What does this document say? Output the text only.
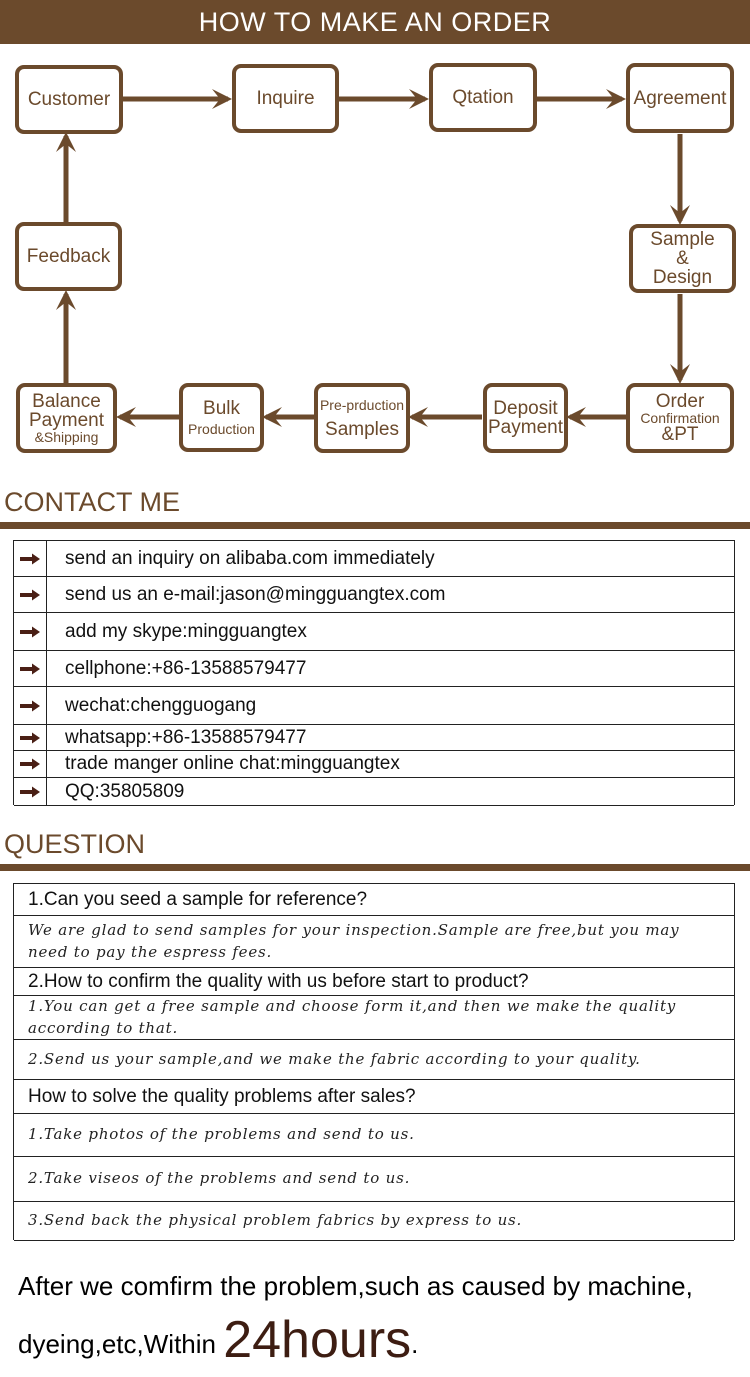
HOW TO MAKE AN ORDER
Customer	Inquire	Qtation	Agreement
Sample
&
Design
Order
Confirmation
&PT
Deposit
Payment
Pre-prduction
Samples
Bulk
Production
Balance
Payment
&Shipping
Feedback
CONTACT ME
send an inquiry on alibaba.com immediately
send us an e-mail:jason@mingguangtex.com
add my skype:mingguangtex
cellphone:+86-13588579477
wechat:chengguogang
whatsapp:+86-13588579477
trade manger online chat:mingguangtex
QQ:35805809
QUESTION
1.Can you seed a sample for reference?
We are glad to send samples for your inspection.Sample are free,but you may need to pay the espress fees.
2.How to confirm the quality with us before start to product?
1.You can get a free sample and choose form it,and then we make the quality according to that.
2.Send us your sample,and we make the fabric according to your quality.
How to solve the quality problems after sales?
1.Take photos of the problems and send to us.
2.Take viseos of the problems and send to us.
3.Send back the physical problem fabrics by express to us.
After we comfirm the problem,such as caused by machine,
dyeing,etc,Within 24hours.
